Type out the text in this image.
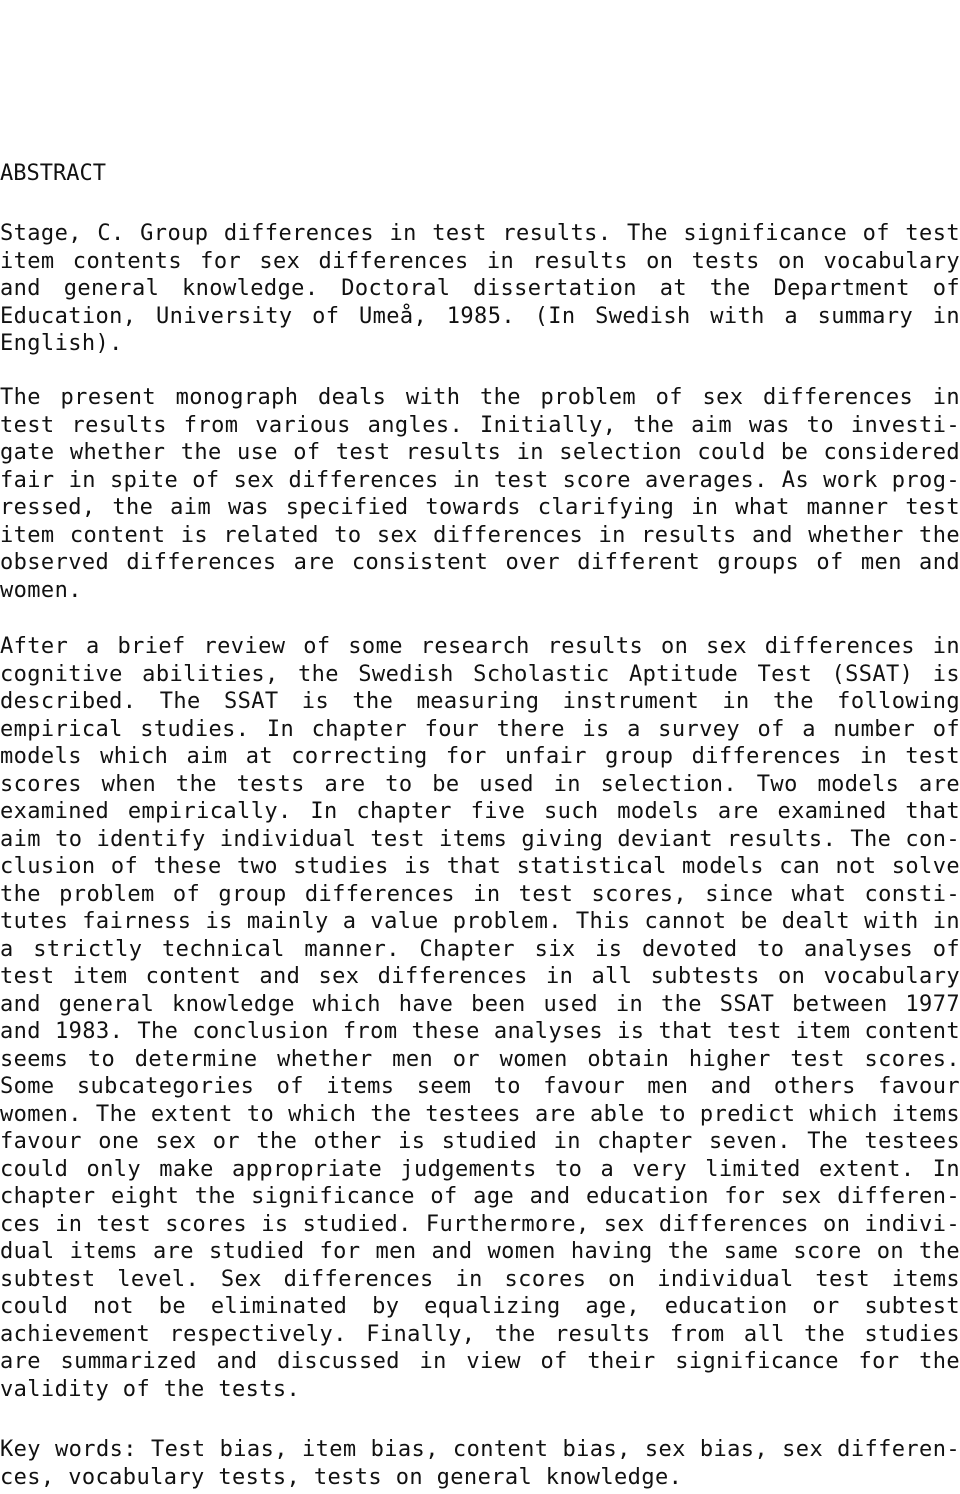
ABSTRACT
Stage, C. Group differences in test results. The significance of test
item contents for sex differences in results on tests on vocabulary
and general knowledge. Doctoral dissertation at the Department of
Education, University of Umeå, 1985. (In Swedish with a summary in
English).
The present monograph deals with the problem of sex differences in
test results from various angles. Initially, the aim was to investi-
gate whether the use of test results in selection could be considered
fair in spite of sex differences in test score averages. As work prog-
ressed, the aim was specified towards clarifying in what manner test
item content is related to sex differences in results and whether the
observed differences are consistent over different groups of men and
women.
After a brief review of some research results on sex differences in
cognitive abilities, the Swedish Scholastic Aptitude Test (SSAT) is
described. The SSAT is the measuring instrument in the following
empirical studies. In chapter four there is a survey of a number of
models which aim at correcting for unfair group differences in test
scores when the tests are to be used in selection. Two models are
examined empirically. In chapter five such models are examined that
aim to identify individual test items giving deviant results. The con-
clusion of these two studies is that statistical models can not solve
the problem of group differences in test scores, since what consti-
tutes fairness is mainly a value problem. This cannot be dealt with in
a strictly technical manner. Chapter six is devoted to analyses of
test item content and sex differences in all subtests on vocabulary
and general knowledge which have been used in the SSAT between 1977
and 1983. The conclusion from these analyses is that test item content
seems to determine whether men or women obtain higher test scores.
Some subcategories of items seem to favour men and others favour
women. The extent to which the testees are able to predict which items
favour one sex or the other is studied in chapter seven. The testees
could only make appropriate judgements to a very limited extent. In
chapter eight the significance of age and education for sex differen-
ces in test scores is studied. Furthermore, sex differences on indivi-
dual items are studied for men and women having the same score on the
subtest level. Sex differences in scores on individual test items
could not be eliminated by equalizing age, education or subtest
achievement respectively. Finally, the results from all the studies
are summarized and discussed in view of their significance for the
validity of the tests.
Key words: Test bias, item bias, content bias, sex bias, sex differen-
ces, vocabulary tests, tests on general knowledge.
